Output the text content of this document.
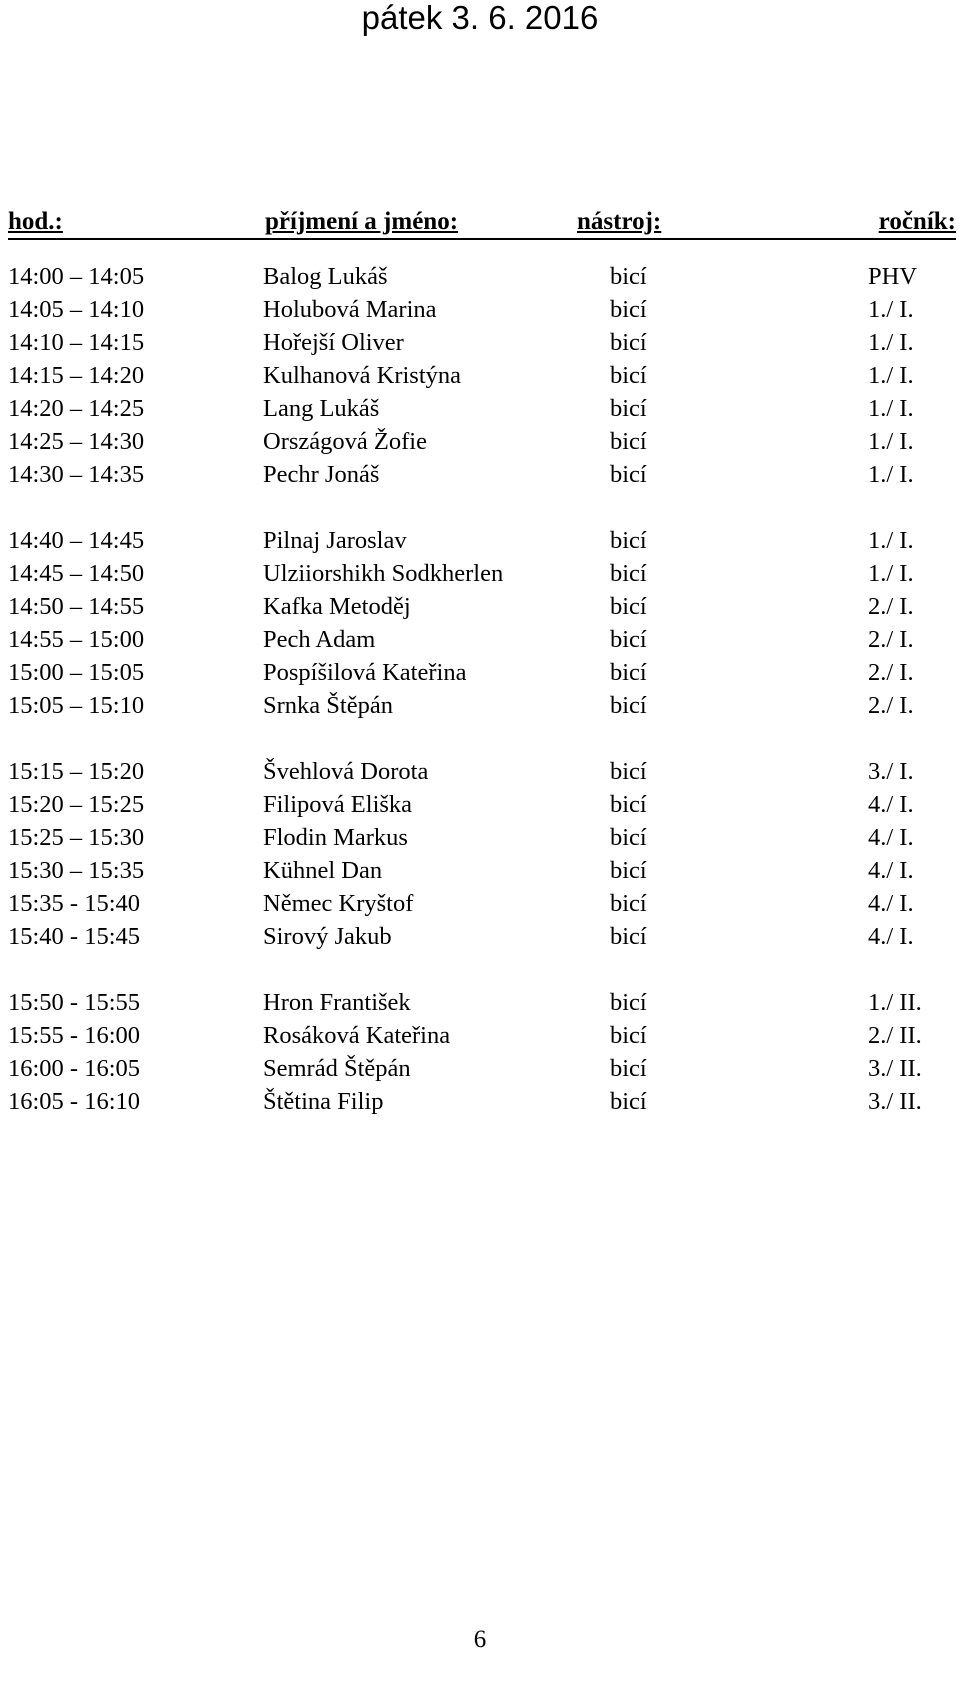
pátek 3. 6. 2016
hod.:	příjmení a jméno:	nástroj:	ročník:
14:00 – 14:05	Balog Lukáš	bicí	PHV
14:05 – 14:10	Holubová Marina	bicí	1./ I.
14:10 – 14:15	Hořejší Oliver	bicí	1./ I.
14:15 – 14:20	Kulhanová Kristýna	bicí	1./ I.
14:20 – 14:25	Lang Lukáš	bicí	1./ I.
14:25 – 14:30	Országová Žofie	bicí	1./ I.
14:30 – 14:35	Pechr Jonáš	bicí	1./ I.
14:40 – 14:45	Pilnaj Jaroslav	bicí	1./ I.
14:45 – 14:50	Ulziiorshikh Sodkherlen	bicí	1./ I.
14:50 – 14:55	Kafka Metoděj	bicí	2./ I.
14:55 – 15:00	Pech Adam	bicí	2./ I.
15:00 – 15:05	Pospíšilová Kateřina	bicí	2./ I.
15:05 – 15:10	Srnka Štěpán	bicí	2./ I.
15:15 – 15:20	Švehlová Dorota	bicí	3./ I.
15:20 – 15:25	Filipová Eliška	bicí	4./ I.
15:25 – 15:30	Flodin Markus	bicí	4./ I.
15:30 – 15:35	Kühnel Dan	bicí	4./ I.
15:35 - 15:40	Němec Kryštof	bicí	4./ I.
15:40 - 15:45	Sirový Jakub	bicí	4./ I.
15:50 - 15:55	Hron František	bicí	1./ II.
15:55 - 16:00	Rosáková Kateřina	bicí	2./ II.
16:00 - 16:05	Semrád Štěpán	bicí	3./ II.
16:05 - 16:10	Štětina Filip	bicí	3./ II.
6
